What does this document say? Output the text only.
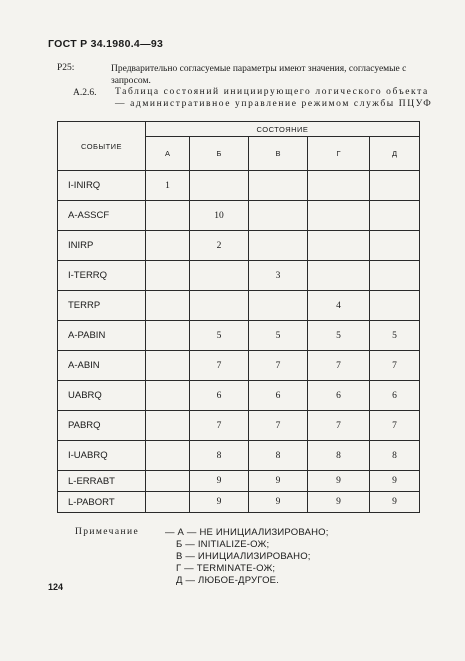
ГОСТ Р 34.1980.4—93
Р25:	Предварительно согласуемые параметры имеют значения, согласуемые с запросом.
А.2.6. Таблица состояний инициирующего логического объекта — административное управление режимом службы ПЦУФ
СОБЫТИЕ	СОСТОЯНИЕ				
	А	Б	В	Г	Д
I-INIRQ	1				
A-ASSCF		10			
INIRP		2			
I-TERRQ			3		
TERRP				4	
A-PABIN		5	5	5	5
A-ABIN		7	7	7	7
UABRQ		6	6	6	6
PABRQ		7	7	7	7
I-UABRQ		8	8	8	8
L-ERRABT		9	9	9	9
L-PABORT		9	9	9	9
Примечание	— А — НЕ ИНИЦИАЛИЗИРОВАНО;
Б — INITIALIZE-ОЖ;
В — ИНИЦИАЛИЗИРОВАНО;
Г — TERMINATE-ОЖ;
Д — ЛЮБОЕ-ДРУГОЕ.
124
